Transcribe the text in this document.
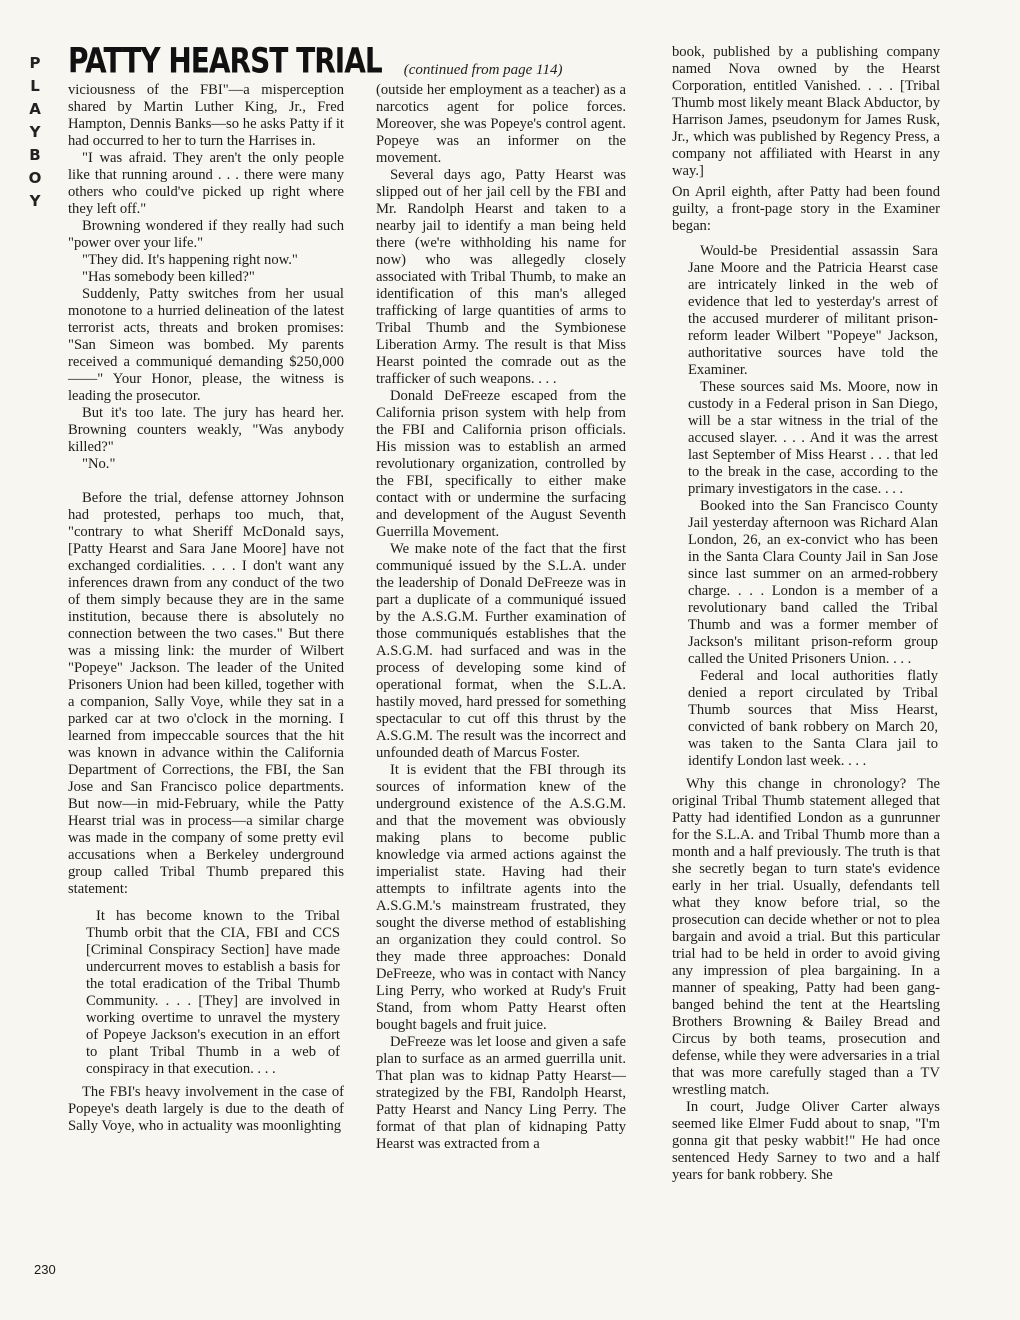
P
L
A
Y
B
O
Y
PATTY HEARST TRIAL (continued from page 114)

viciousness of the FBI"—a misperception shared by Martin Luther King, Jr., Fred Hampton, Dennis Banks—so he asks Patty if it had occurred to her to turn the Harrises in.

"I was afraid. They aren't the only people like that running around . . . there were many others who could've picked up right where they left off."

Browning wondered if they really had such "power over your life."

"They did. It's happening right now."

"Has somebody been killed?"

Suddenly, Patty switches from her usual monotone to a hurried delineation of the latest terrorist acts, threats and broken promises: "San Simeon was bombed. My parents received a communiqué demanding $250,000——" Your Honor, please, the witness is leading the prosecutor.

But it's too late. The jury has heard her. Browning counters weakly, "Was anybody killed?"

"No."

Before the trial, defense attorney Johnson had protested, perhaps too much, that, "contrary to what Sheriff McDonald says, [Patty Hearst and Sara Jane Moore] have not exchanged cordialities. . . . I don't want any inferences drawn from any conduct of the two of them simply because they are in the same institution, because there is absolutely no connection between the two cases." But there was a missing link: the murder of Wilbert "Popeye" Jackson. The leader of the United Prisoners Union had been killed, together with a companion, Sally Voye, while they sat in a parked car at two o'clock in the morning. I learned from impeccable sources that the hit was known in advance within the California Department of Corrections, the FBI, the San Jose and San Francisco police departments. But now—in mid-February, while the Patty Hearst trial was in process—a similar charge was made in the company of some pretty evil accusations when a Berkeley underground group called Tribal Thumb prepared this statement:

It has become known to the Tribal Thumb orbit that the CIA, FBI and CCS [Criminal Conspiracy Section] have made undercurrent moves to establish a basis for the total eradication of the Tribal Thumb Community. . . . [They] are involved in working overtime to unravel the mystery of Popeye Jackson's execution in an effort to plant Tribal Thumb in a web of conspiracy in that execution. . . .

The FBI's heavy involvement in the case of Popeye's death largely is due to the death of Sally Voye, who in actuality was moonlighting

(outside her employment as a teacher) as a narcotics agent for police forces. Moreover, she was Popeye's control agent. Popeye was an informer on the movement.

Several days ago, Patty Hearst was slipped out of her jail cell by the FBI and Mr. Randolph Hearst and taken to a nearby jail to identify a man being held there (we're withholding his name for now) who was allegedly closely associated with Tribal Thumb, to make an identification of this man's alleged trafficking of large quantities of arms to Tribal Thumb and the Symbionese Liberation Army. The result is that Miss Hearst pointed the comrade out as the trafficker of such weapons. . . .

Donald DeFreeze escaped from the California prison system with help from the FBI and California prison officials. His mission was to establish an armed revolutionary organization, controlled by the FBI, specifically to either make contact with or undermine the surfacing and development of the August Seventh Guerrilla Movement.

We make note of the fact that the first communiqué issued by the S.L.A. under the leadership of Donald DeFreeze was in part a duplicate of a communiqué issued by the A.S.G.M. Further examination of those communiqués establishes that the A.S.G.M. had surfaced and was in the process of developing some kind of operational format, when the S.L.A. hastily moved, hard pressed for something spectacular to cut off this thrust by the A.S.G.M. The result was the incorrect and unfounded death of Marcus Foster.

It is evident that the FBI through its sources of information knew of the underground existence of the A.S.G.M. and that the movement was obviously making plans to become public knowledge via armed actions against the imperialist state. Having had their attempts to infiltrate agents into the A.S.G.M.'s mainstream frustrated, they sought the diverse method of establishing an organization they could control. So they made three approaches: Donald DeFreeze, who was in contact with Nancy Ling Perry, who worked at Rudy's Fruit Stand, from whom Patty Hearst often bought bagels and fruit juice.

DeFreeze was let loose and given a safe plan to surface as an armed guerrilla unit. That plan was to kidnap Patty Hearst—strategized by the FBI, Randolph Hearst, Patty Hearst and Nancy Ling Perry. The format of that plan of kidnaping Patty Hearst was extracted from a

book, published by a publishing company named Nova owned by the Hearst Corporation, entitled Vanished. . . . [Tribal Thumb most likely meant Black Abductor, by Harrison James, pseudonym for James Rusk, Jr., which was published by Regency Press, a company not affiliated with Hearst in any way.]

On April eighth, after Patty had been found guilty, a front-page story in the Examiner began:

Would-be Presidential assassin Sara Jane Moore and the Patricia Hearst case are intricately linked in the web of evidence that led to yesterday's arrest of the accused murderer of militant prison-reform leader Wilbert "Popeye" Jackson, authoritative sources have told the Examiner.

These sources said Ms. Moore, now in custody in a Federal prison in San Diego, will be a star witness in the trial of the accused slayer. . . . And it was the arrest last September of Miss Hearst . . . that led to the break in the case, according to the primary investigators in the case. . . .

Booked into the San Francisco County Jail yesterday afternoon was Richard Alan London, 26, an ex-convict who has been in the Santa Clara County Jail in San Jose since last summer on an armed-robbery charge. . . . London is a member of a revolutionary band called the Tribal Thumb and was a former member of Jackson's militant prison-reform group called the United Prisoners Union. . . .

Federal and local authorities flatly denied a report circulated by Tribal Thumb sources that Miss Hearst, convicted of bank robbery on March 20, was taken to the Santa Clara jail to identify London last week. . . .

Why this change in chronology? The original Tribal Thumb statement alleged that Patty had identified London as a gunrunner for the S.L.A. and Tribal Thumb more than a month and a half previously. The truth is that she secretly began to turn state's evidence early in her trial. Usually, defendants tell what they know before trial, so the prosecution can decide whether or not to plea bargain and avoid a trial. But this particular trial had to be held in order to avoid giving any impression of plea bargaining. In a manner of speaking, Patty had been gang-banged behind the tent at the Heartsling Brothers Browning & Bailey Bread and Circus by both teams, prosecution and defense, while they were adversaries in a trial that was more carefully staged than a TV wrestling match.

In court, Judge Oliver Carter always seemed like Elmer Fudd about to snap, "I'm gonna git that pesky wabbit!" He had once sentenced Hedy Sarney to two and a half years for bank robbery. She

230
